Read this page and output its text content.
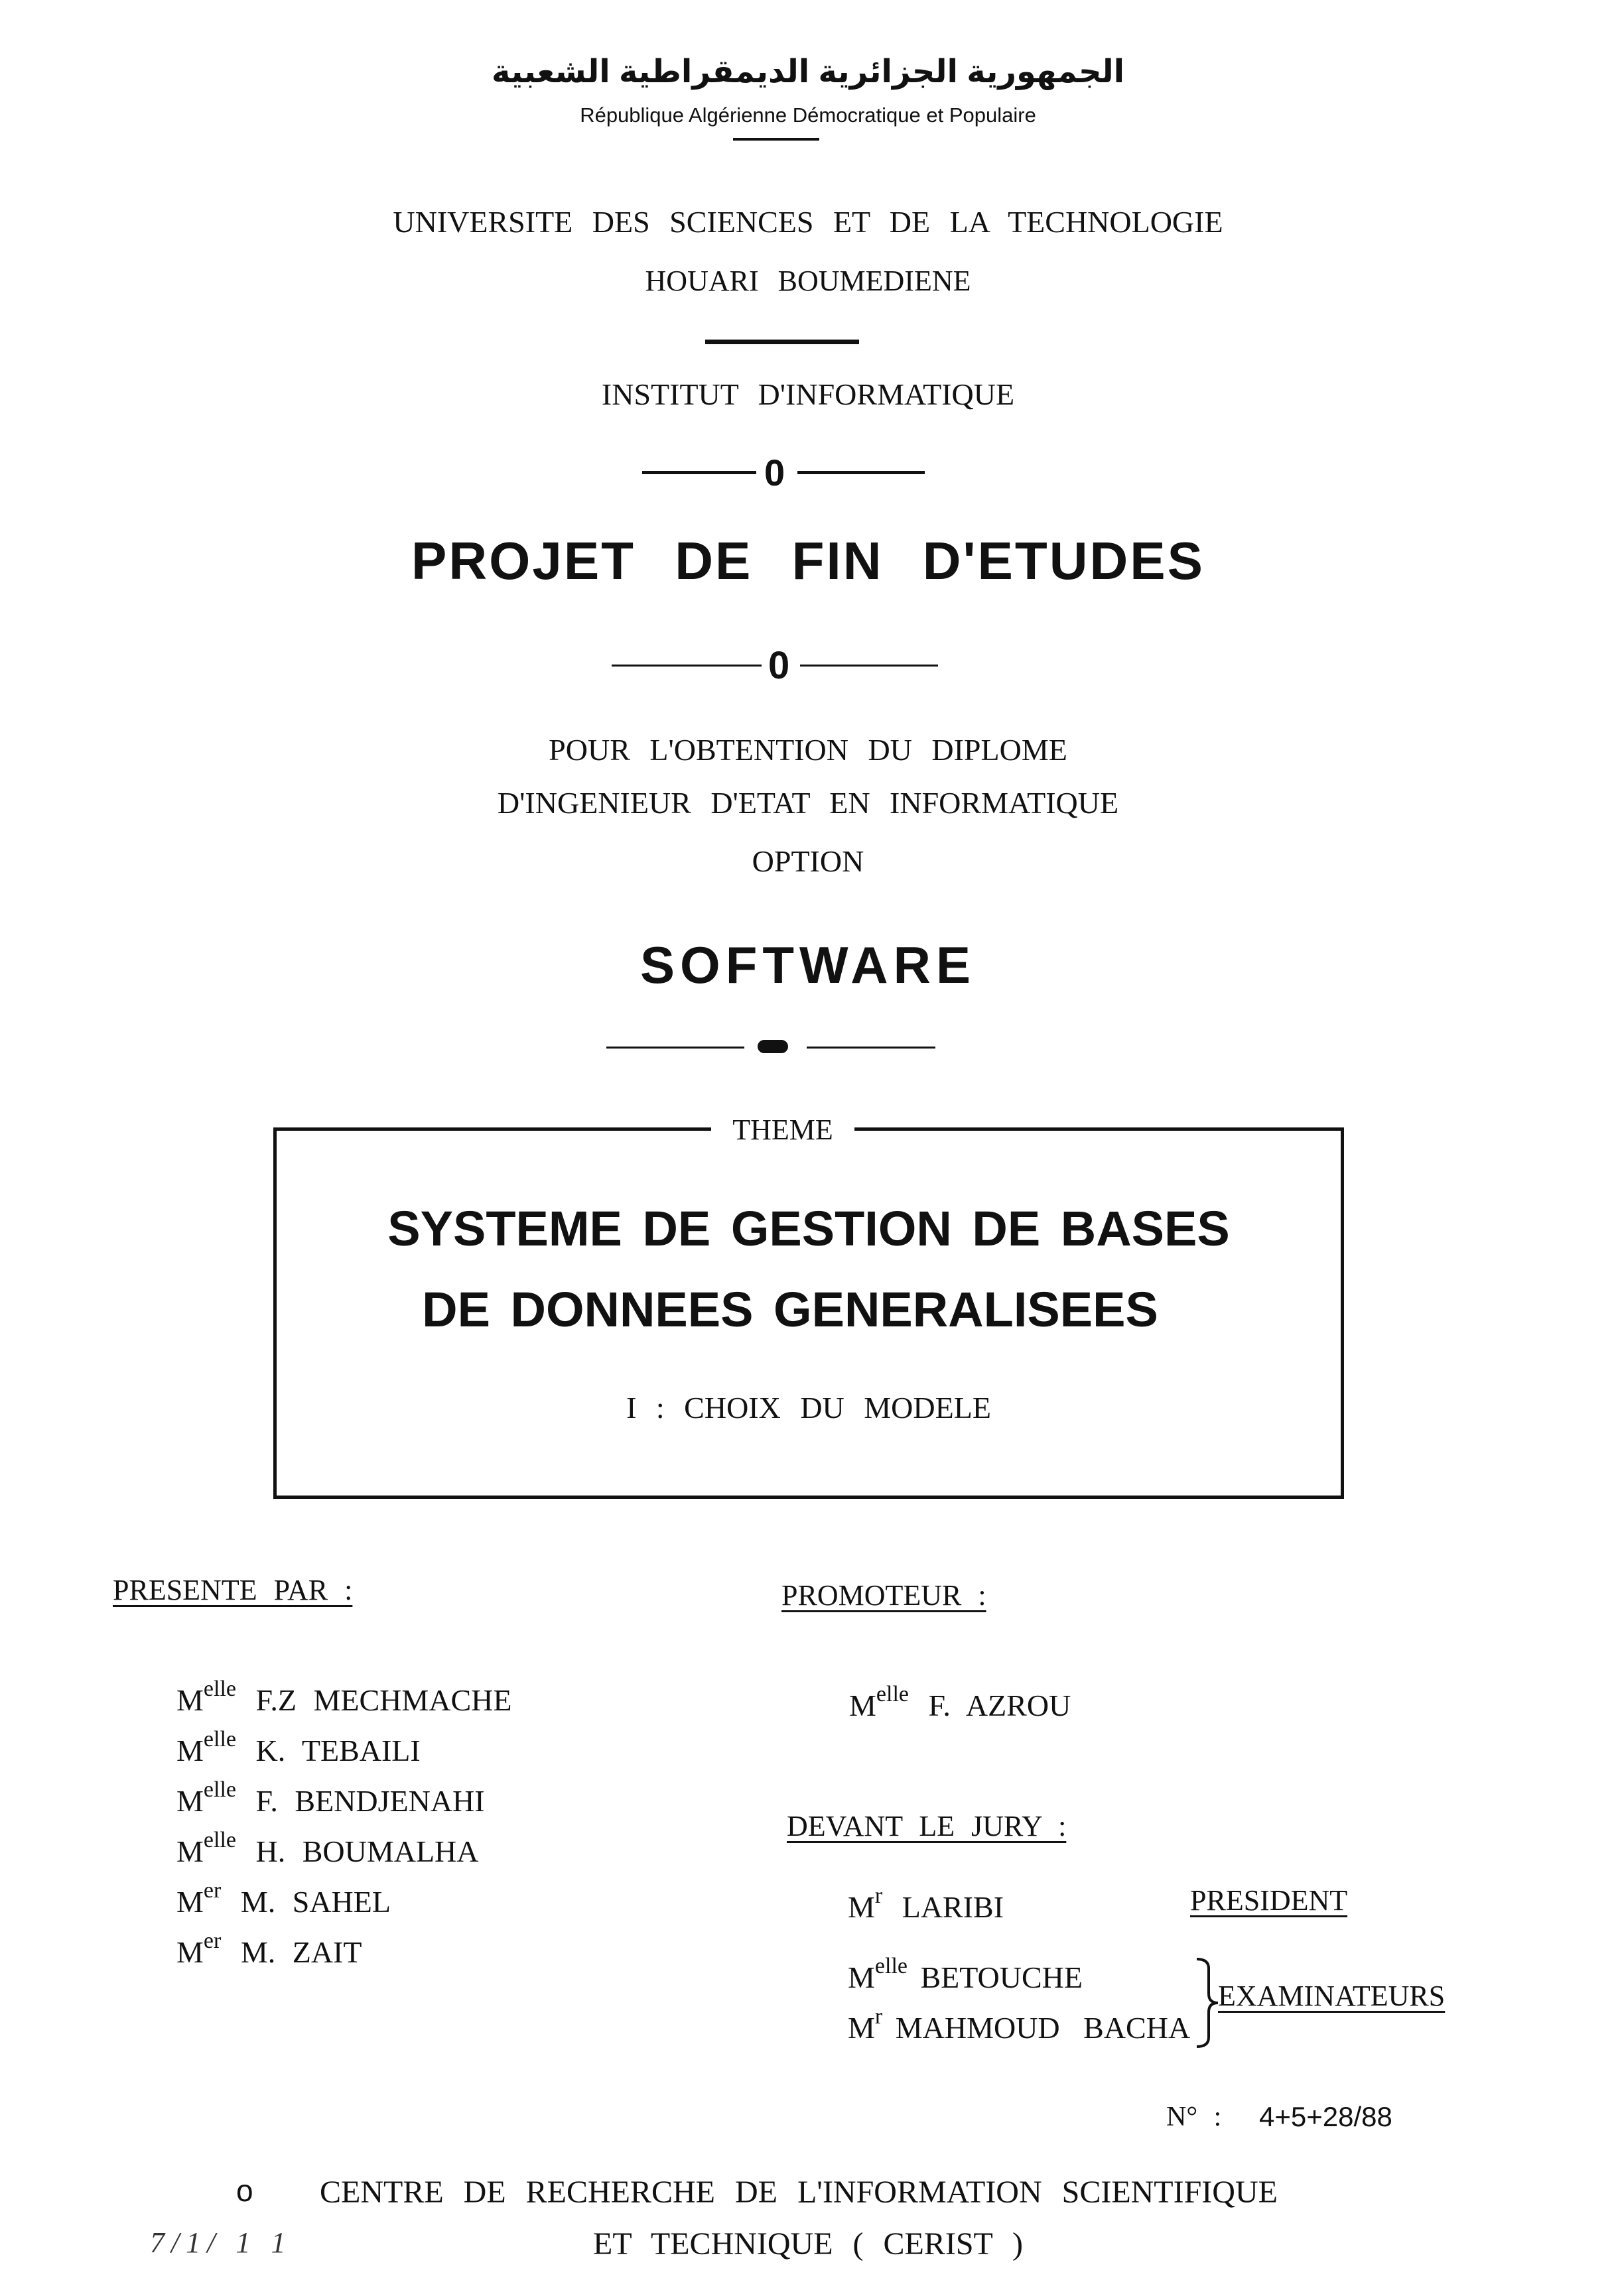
الجمهورية الجزائرية الديمقراطية الشعبية
République Algérienne Démocratique et Populaire
UNIVERSITE DES SCIENCES ET DE LA TECHNOLOGIE
HOUARI BOUMEDIENE
INSTITUT D'INFORMATIQUE
0
PROJET DE FIN D'ETUDES
0
POUR L'OBTENTION DU DIPLOME
D'INGENIEUR D'ETAT EN INFORMATIQUE
OPTION
SOFTWARE
THEME
SYSTEME DE GESTION DE BASES
DE DONNEES GENERALISEES
I : CHOIX DU MODELE
PRESENTE PAR :
$M^{elle}$ F.Z MECHMACHE
$M^{elle}$ K. TEBAILI
$M^{elle}$ F. BENDJENAHI
$M^{elle}$ H. BOUMALHA
Mer M. SAHEL
Mer M. ZAIT
PROMOTEUR :
$M^{elle}$ F. AZROU
DEVANT LE JURY :
$M^r$ LARIBI	PRESIDENT
$M^{elle}$ BETOUCHE
$M^r$ MAHMOUD BACHA
EXAMINATEURS
N° : 4+5+28/88
o CENTRE DE RECHERCHE DE L'INFORMATION SCIENTIFIQUE
ET TECHNIQUE ( CERIST )
7/1/ 1 1
